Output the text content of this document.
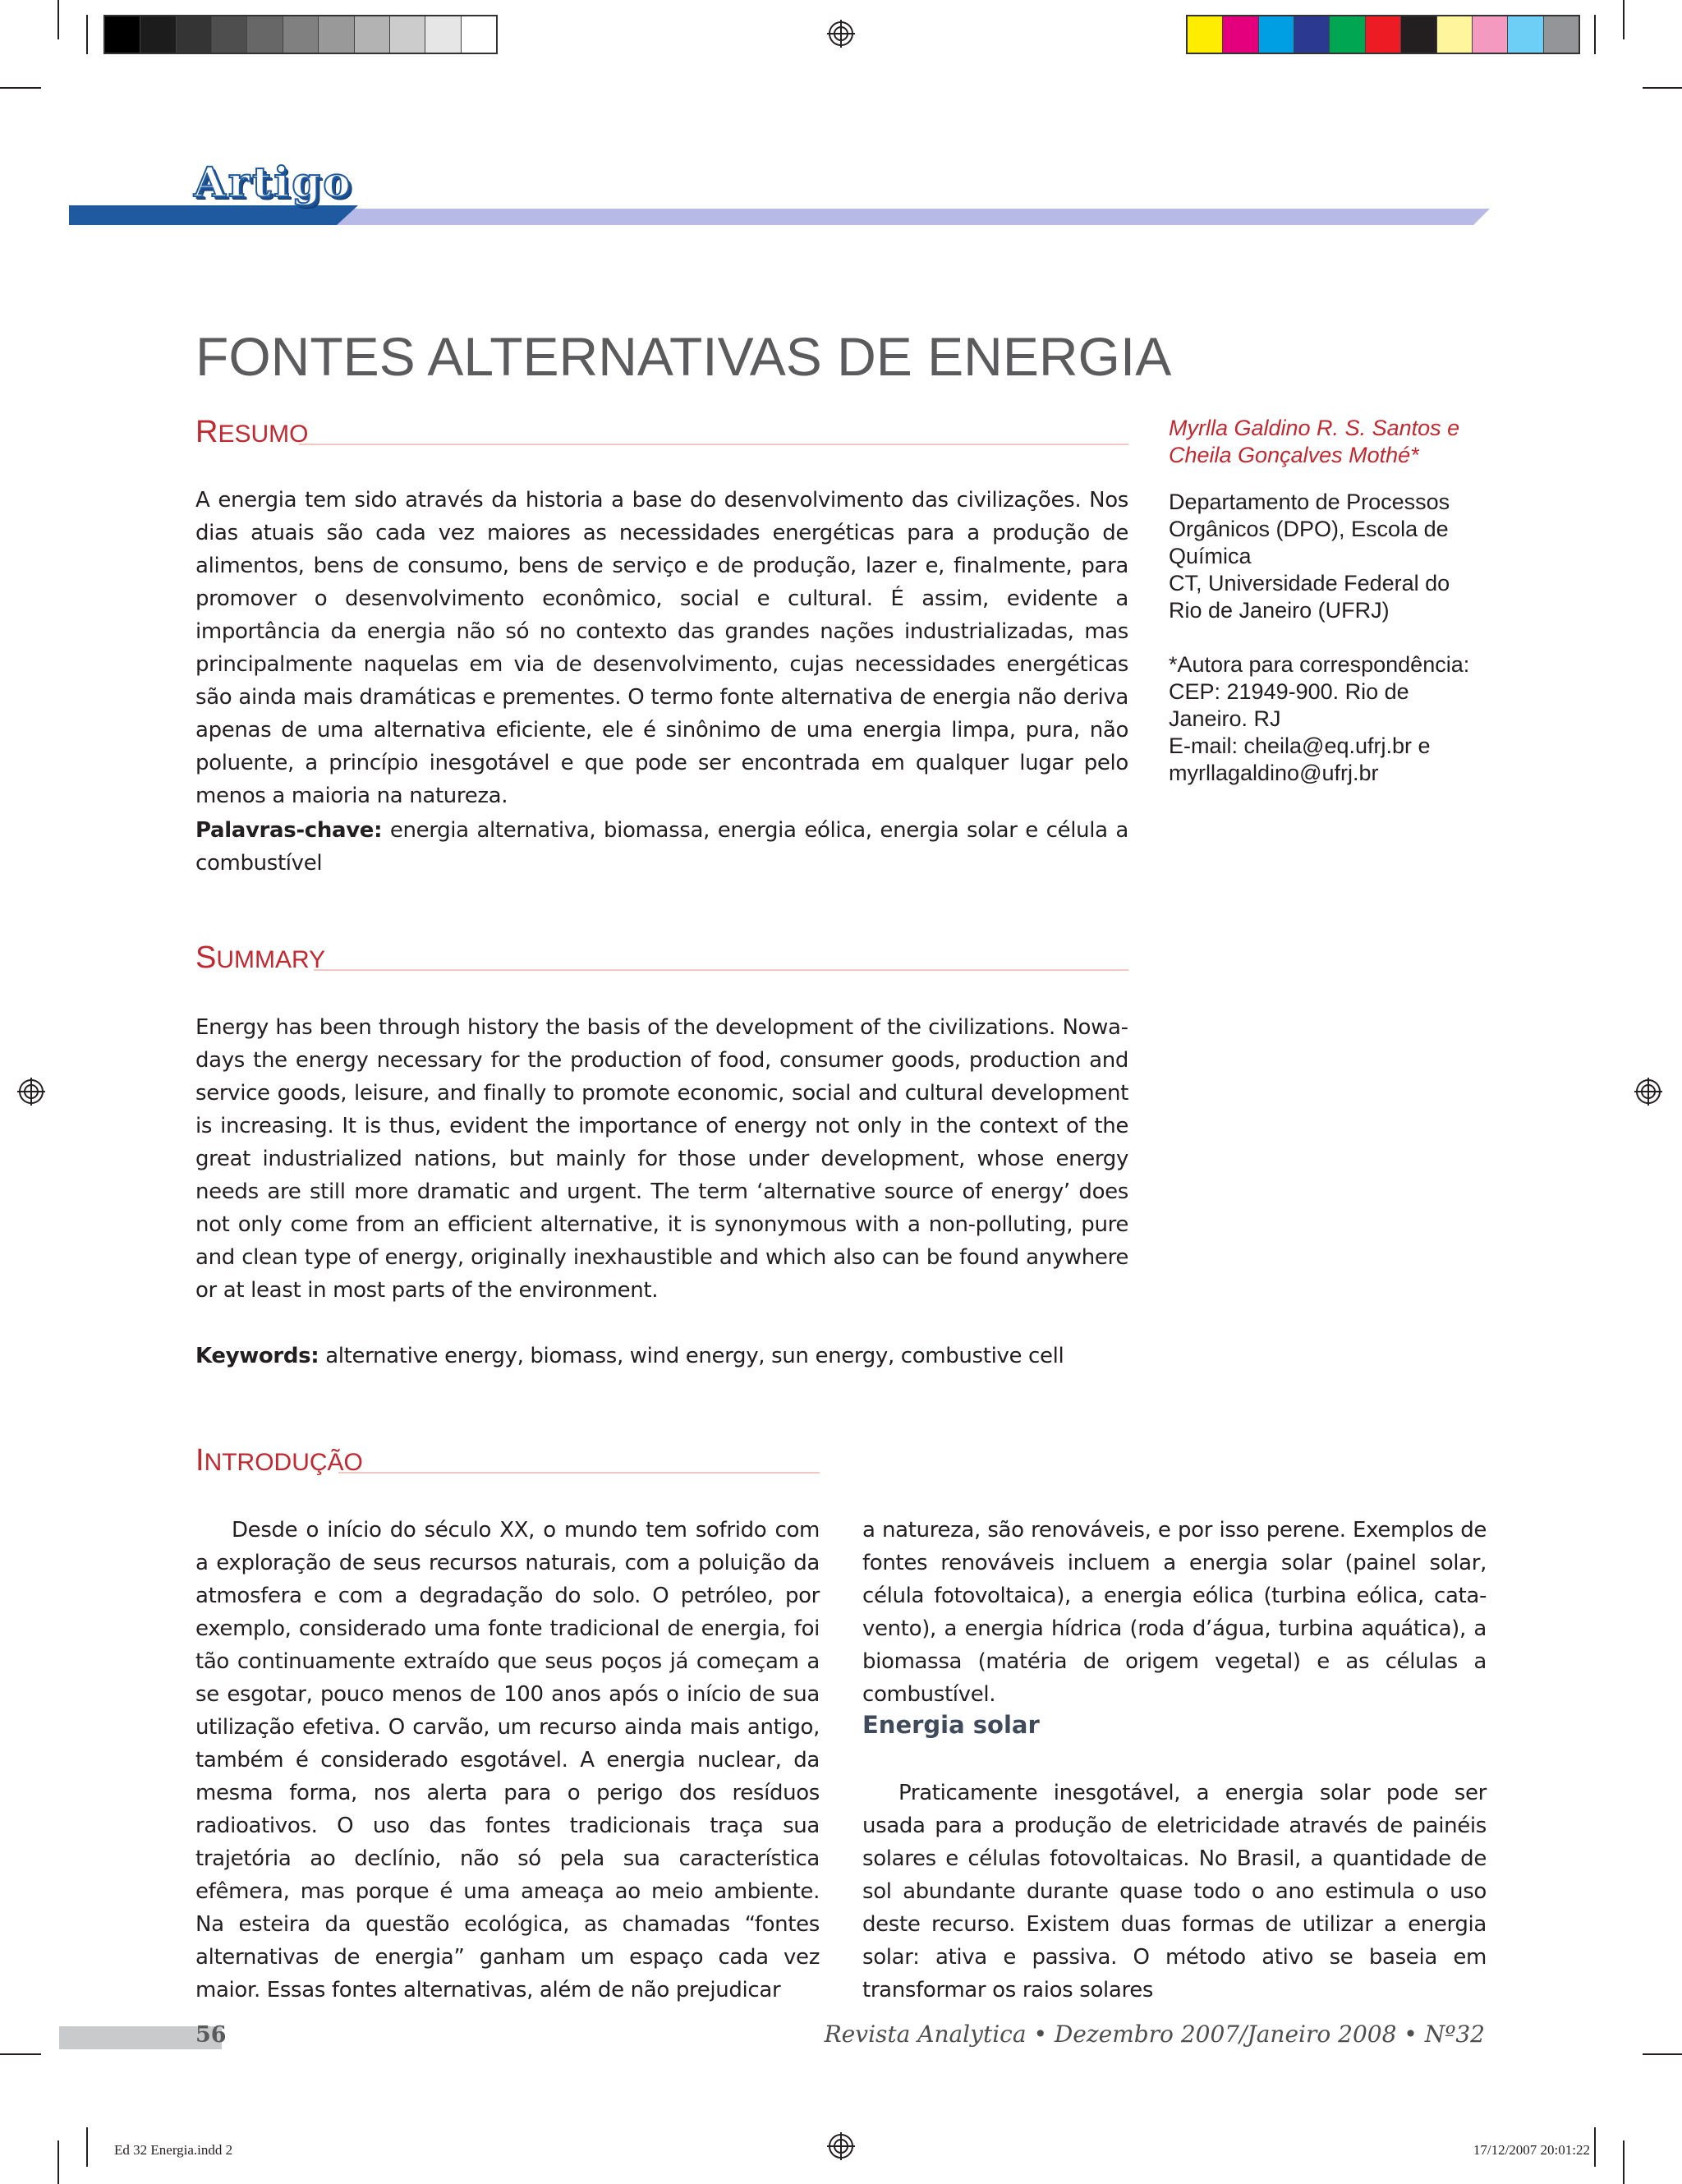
Artigo
FONTES ALTERNATIVAS DE ENERGIA
RESUMO
A energia tem sido através da historia a base do desenvolvimento das civilizações. Nos dias atuais são cada vez maiores as necessidades energéticas para a produção de alimentos, bens de consumo, bens de serviço e de produção, lazer e, finalmente, para promover o desenvolvimento econômico, social e cultural. É assim, evidente a importância da energia não só no contexto das grandes nações industrializadas, mas principalmente naquelas em via de desenvolvimento, cujas necessidades energéticas são ainda mais dramáticas e prementes. O termo fonte alternativa de energia não deriva apenas de uma alternativa eficiente, ele é sinônimo de uma energia limpa, pura, não poluente, a princípio inesgotável e que pode ser encontrada em qualquer lugar pelo menos a maioria na natureza.
Palavras-chave: energia alternativa, biomassa, energia eólica, energia solar e célula a combustível
Myrlla Galdino R. S. Santos e
Cheila Gonçalves Mothé*
Departamento de Processos
Orgânicos (DPO), Escola de
Química
CT, Universidade Federal do
Rio de Janeiro (UFRJ)
*Autora para correspondência:
CEP: 21949-900. Rio de
Janeiro. RJ
E-mail: cheila@eq.ufrj.br e
myrllagaldino@ufrj.br
SUMMARY
Energy has been through history the basis of the development of the civilizations. Nowadays the energy necessary for the production of food, consumer goods, production and service goods, leisure, and finally to promote economic, social and cultural development is increasing. It is thus, evident the importance of energy not only in the context of the great industrialized nations, but mainly for those under development, whose energy needs are still more dramatic and urgent. The term ‘alternative source of energy’ does not only come from an efficient alternative, it is synonymous with a non-polluting, pure and clean type of energy, originally inexhaustible and which also can be found anywhere or at least in most parts of the environment.
Keywords: alternative energy, biomass, wind energy, sun energy, combustive cell
INTRODUÇÃO
Desde o início do século XX, o mundo tem sofrido com a exploração de seus recursos naturais, com a poluição da atmosfera e com a degradação do solo. O petróleo, por exemplo, considerado uma fonte tradicional de energia, foi tão continuamente extraído que seus poços já começam a se esgotar, pouco menos de 100 anos após o início de sua utilização efetiva. O carvão, um recurso ainda mais antigo, também é considerado esgotável. A energia nuclear, da mesma forma, nos alerta para o perigo dos resíduos radioativos. O uso das fontes tradicionais traça sua trajetória ao declínio, não só pela sua característica efêmera, mas porque é uma ameaça ao meio ambiente. Na esteira da questão ecológica, as chamadas “fontes alternativas de energia” ganham um espaço cada vez maior. Essas fontes alternativas, além de não prejudicar
a natureza, são renováveis, e por isso perene. Exemplos de fontes renováveis incluem a energia solar (painel solar, célula fotovoltaica), a energia eólica (turbina eólica, cata-vento), a energia hídrica (roda d’água, turbina aquática), a biomassa (matéria de origem vegetal) e as células a combustível.
Energia solar
Praticamente inesgotável, a energia solar pode ser usada para a produção de eletricidade através de painéis solares e células fotovoltaicas. No Brasil, a quantidade de sol abundante durante quase todo o ano estimula o uso deste recurso. Existem duas formas de utilizar a energia solar: ativa e passiva. O método ativo se baseia em transformar os raios solares
56	Revista Analytica • Dezembro 2007/Janeiro 2008 • Nº32
Ed 32 Energia.indd 2	17/12/2007 20:01:22
